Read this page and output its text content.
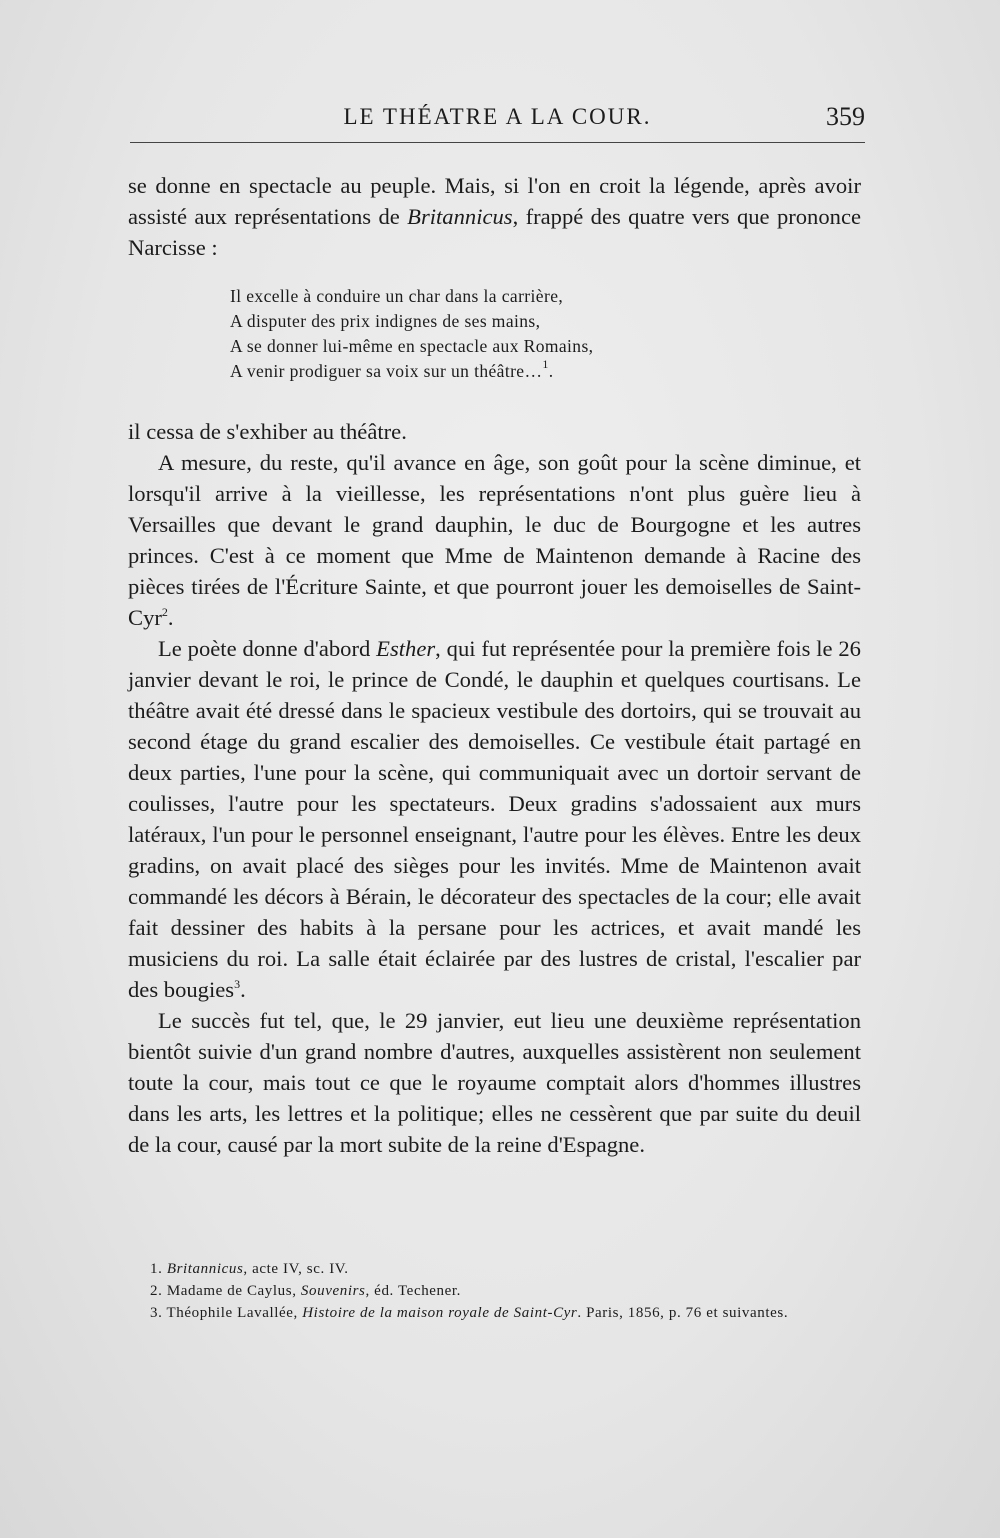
LE THÉATRE A LA COUR.	359

se donne en spectacle au peuple. Mais, si l'on en croit la légende, après avoir assisté aux représentations de Britannicus, frappé des quatre vers que prononce Narcisse :

Il excelle à conduire un char dans la carrière,
A disputer des prix indignes de ses mains,
A se donner lui-même en spectacle aux Romains,
A venir prodiguer sa voix sur un théâtre…$^1$.

il cessa de s'exhiber au théâtre.

A mesure, du reste, qu'il avance en âge, son goût pour la scène diminue, et lorsqu'il arrive à la vieillesse, les représentations n'ont plus guère lieu à Versailles que devant le grand dauphin, le duc de Bourgogne et les autres princes. C'est à ce moment que Mme de Maintenon demande à Racine des pièces tirées de l'Écriture Sainte, et que pourront jouer les demoiselles de Saint-Cyr$^2$.

Le poète donne d'abord Esther, qui fut représentée pour la première fois le 26 janvier devant le roi, le prince de Condé, le dauphin et quelques courtisans. Le théâtre avait été dressé dans le spacieux vestibule des dortoirs, qui se trouvait au second étage du grand escalier des demoiselles. Ce vestibule était partagé en deux parties, l'une pour la scène, qui communiquait avec un dortoir servant de coulisses, l'autre pour les spectateurs. Deux gradins s'adossaient aux murs latéraux, l'un pour le personnel enseignant, l'autre pour les élèves. Entre les deux gradins, on avait placé des sièges pour les invités. Mme de Maintenon avait commandé les décors à Bérain, le décorateur des spectacles de la cour; elle avait fait dessiner des habits à la persane pour les actrices, et avait mandé les musiciens du roi. La salle était éclairée par des lustres de cristal, l'escalier par des bougies$^3$.

Le succès fut tel, que, le 29 janvier, eut lieu une deuxième représentation bientôt suivie d'un grand nombre d'autres, auxquelles assistèrent non seulement toute la cour, mais tout ce que le royaume comptait alors d'hommes illustres dans les arts, les lettres et la politique; elles ne cessèrent que par suite du deuil de la cour, causé par la mort subite de la reine d'Espagne.

1. Britannicus, acte IV, sc. IV.
2. Madame de Caylus, Souvenirs, éd. Techener.
3. Théophile Lavallée, Histoire de la maison royale de Saint-Cyr. Paris, 1856, p. 76 et suivantes.
